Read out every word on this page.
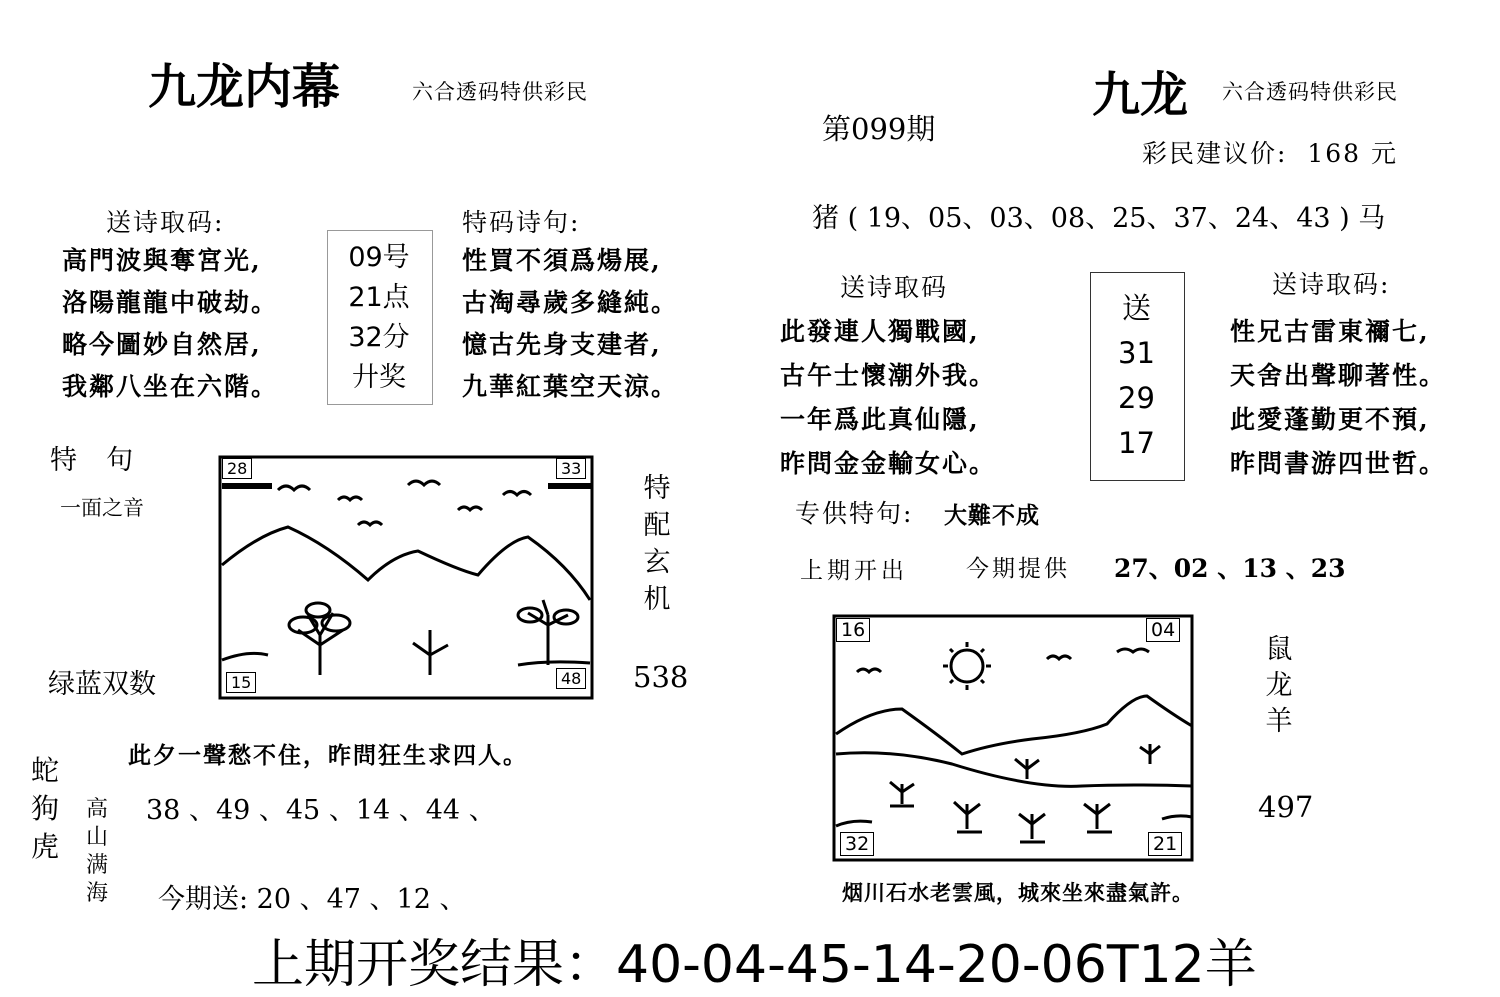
九龙内幕	六合透码特供彩民
送诗取码:
高門波與奪宮光,
洛陽龍龍中破劫。
略今圖妙自然居,
我鄰八坐在六階。
09号
21点
32分
廾奖
特码诗句:
性買不須爲煬展,
古淘尋歲多縫純。
憶古先身支建者,
九華紅葉空天涼。
特  句
一面之音
绿蓝双数
28	33
15	48
特
配
玄
机
538
此夕一聲愁不住，昨問狂生求四人。
蛇
狗
虎
高
山
满
海
38 、49 、45 、14 、44 、
今期送: 20 、47 、12 、
第099期
九龙 六合透码特供彩民
彩民建议价:  168 元
猪 ( 19、05、03、08、25、37、24、43 ) 马
送诗取码
此發連人獨戰國,
古午士懷潮外我。
一年爲此真仙隱,
昨問金金輸女心。
送
31
29
17
送诗取码:
性兄古雷東禰七,
天舍出聲聊著性。
此愛蓬勤更不預,
昨問書游四世哲。
专供特句: 大難不成
上期开出	今期提供 27、02 、13 、23
16	04
32	21
鼠
龙
羊
497
烟川石水老雲風，城來坐來盡氣許。
上期开奖结果：40-04-45-14-20-06T12羊
